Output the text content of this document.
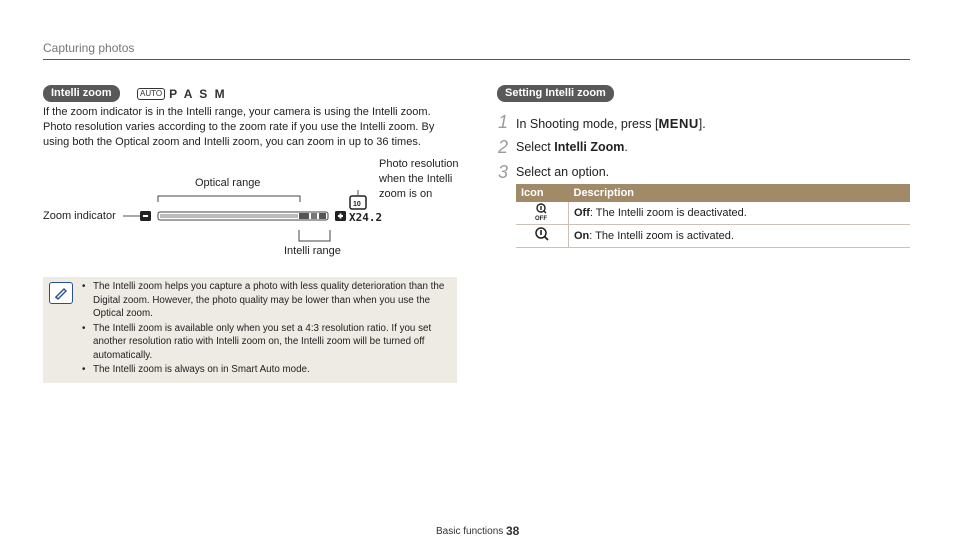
Capturing photos
Intelli zoom	AUTO P A S M
If the zoom indicator is in the Intelli range, your camera is using the Intelli zoom. Photo resolution varies according to the zoom rate if you use the Intelli zoom. By using both the Optical zoom and Intelli zoom, you can zoom in up to 36 times.
Optical range
Zoom indicator
Intelli range
Photo resolution
when the Intelli
zoom is on
10
X24.2
• The Intelli zoom helps you capture a photo with less quality deterioration than the Digital zoom. However, the photo quality may be lower than when you use the Optical zoom.
• The Intelli zoom is available only when you set a 4:3 resolution ratio. If you set another resolution ratio with Intelli zoom on, the Intelli zoom will be turned off automatically.
• The Intelli zoom is always on in Smart Auto mode.
Setting Intelli zoom
1 In Shooting mode, press [MENU].
2 Select Intelli Zoom.
3 Select an option.
Icon	Description

OFF	Off: The Intelli zoom is deactivated.
	On: The Intelli zoom is activated.
Basic functions 38
